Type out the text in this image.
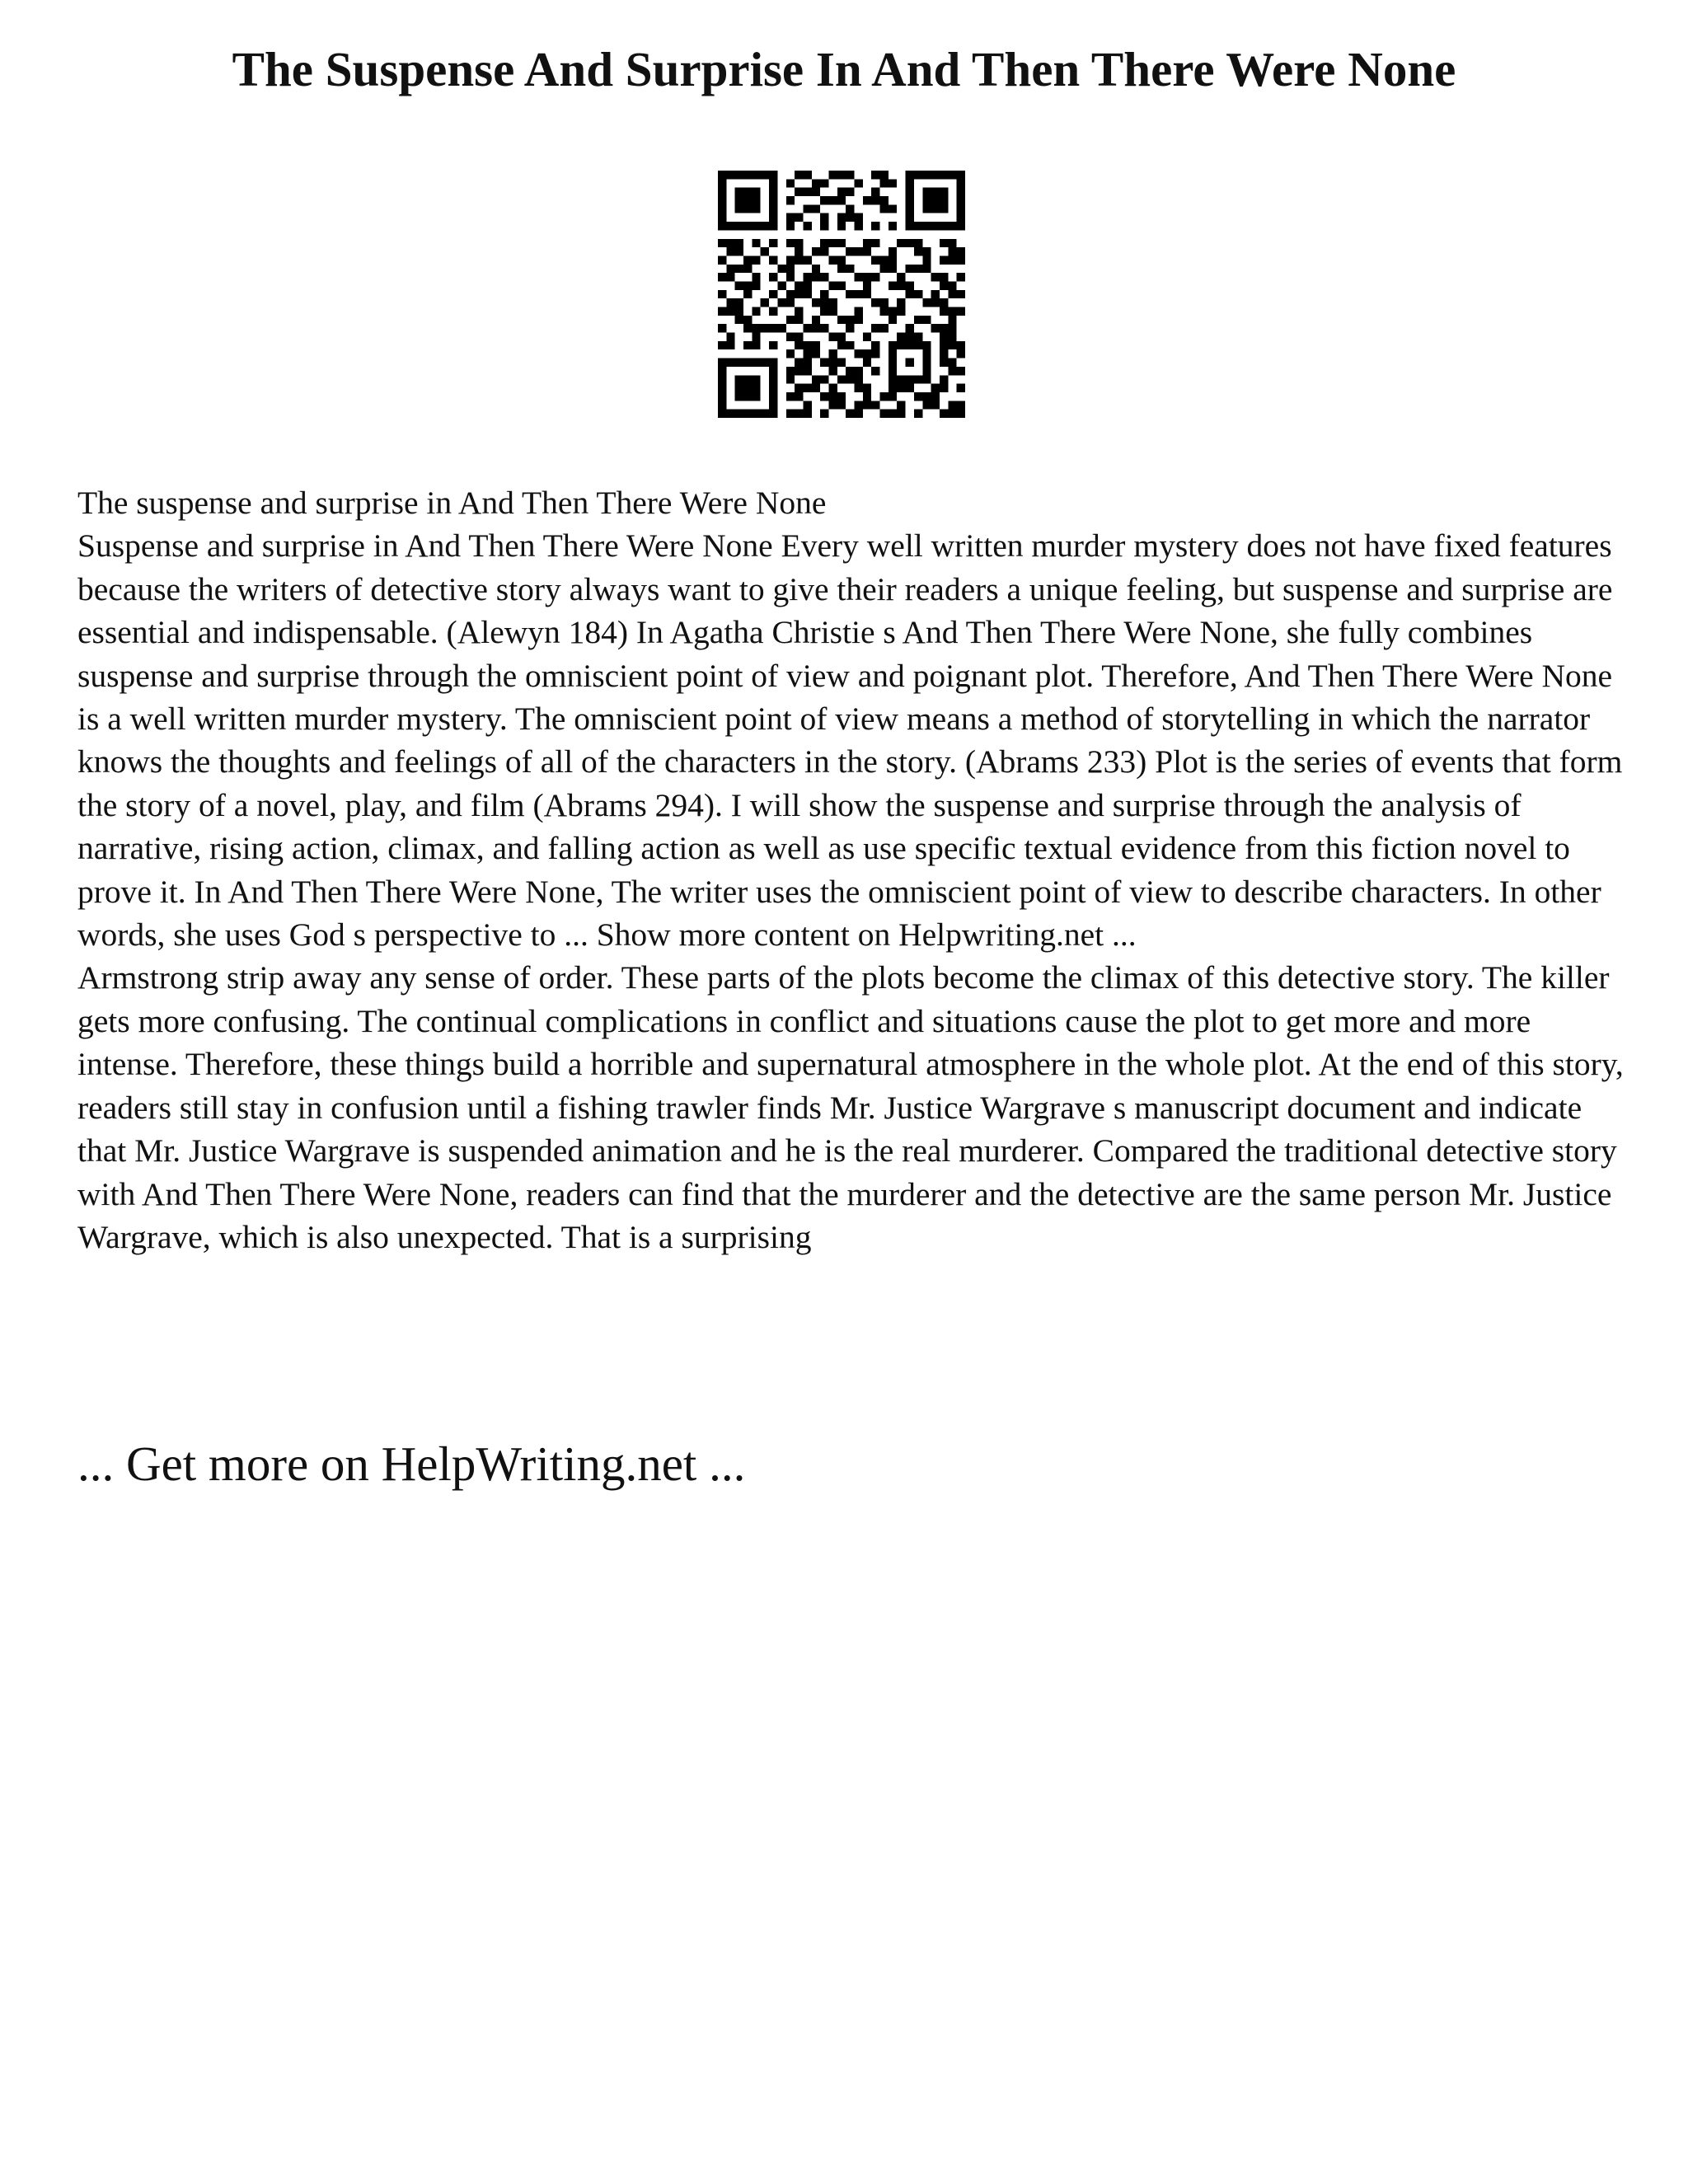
The Suspense And Surprise In And Then There Were None

The suspense and surprise in And Then There Were None

Suspense and surprise in And Then There Were None Every well written murder mystery does not have fixed features because the writers of detective story always want to give their readers a unique feeling, but suspense and surprise are essential and indispensable. (Alewyn 184) In Agatha Christie s And Then There Were None, she fully combines suspense and surprise through the omniscient point of view and poignant plot. Therefore, And Then There Were None is a well written murder mystery. The omniscient point of view means a method of storytelling in which the narrator knows the thoughts and feelings of all of the characters in the story. (Abrams 233) Plot is the series of events that form the story of a novel, play, and film (Abrams 294). I will show the suspense and surprise through the analysis of narrative, rising action, climax, and falling action as well as use specific textual evidence from this fiction novel to prove it. In And Then There Were None, The writer uses the omniscient point of view to describe characters. In other words, she uses God s perspective to ... Show more content on Helpwriting.net ...

Armstrong strip away any sense of order. These parts of the plots become the climax of this detective story. The killer gets more confusing. The continual complications in conflict and situations cause the plot to get more and more intense. Therefore, these things build a horrible and supernatural atmosphere in the whole plot. At the end of this story, readers still stay in confusion until a fishing trawler finds Mr. Justice Wargrave s manuscript document and indicate that Mr. Justice Wargrave is suspended animation and he is the real murderer. Compared the traditional detective story with And Then There Were None, readers can find that the murderer and the detective are the same person Mr. Justice Wargrave, which is also unexpected. That is a surprising

... Get more on HelpWriting.net ...
